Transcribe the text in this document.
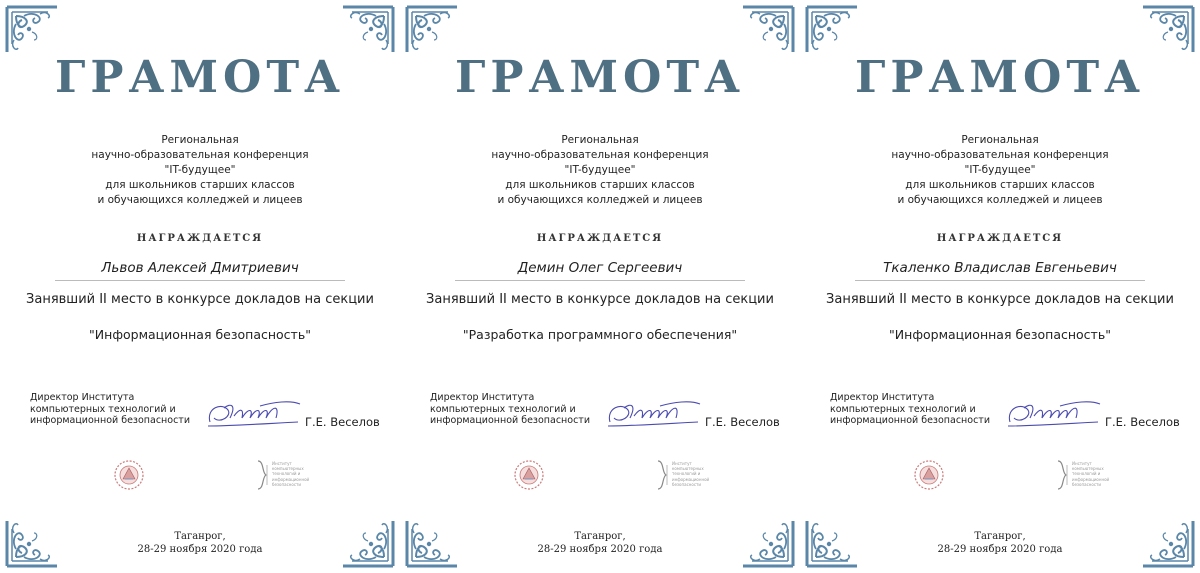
ГРАМОТА
Региональная
научно-образовательная конференция
"IT-будущее"
для школьников старших классов
и обучающихся колледжей и лицеев
НАГРАЖДАЕТСЯ
Львов Алексей Дмитриевич
Занявший II место в конкурсе докладов на секции
"Информационная безопасность"
Директор Института
компьютерных технологий и
информационной безопасности	Г.Е. Веселов
Институт
компьютерных
технологий и
информационной
безопасности
Таганрог,
28-29 ноября 2020 года
ГРАМОТА
Региональная
научно-образовательная конференция
"IT-будущее"
для школьников старших классов
и обучающихся колледжей и лицеев
НАГРАЖДАЕТСЯ
Демин Олег Сергеевич
Занявший II место в конкурсе докладов на секции
"Разработка программного обеспечения"
Директор Института
компьютерных технологий и
информационной безопасности	Г.Е. Веселов
Институт
компьютерных
технологий и
информационной
безопасности
Таганрог,
28-29 ноября 2020 года
ГРАМОТА
Региональная
научно-образовательная конференция
"IT-будущее"
для школьников старших классов
и обучающихся колледжей и лицеев
НАГРАЖДАЕТСЯ
Ткаленко Владислав Евгеньевич
Занявший II место в конкурсе докладов на секции
"Информационная безопасность"
Директор Института
компьютерных технологий и
информационной безопасности	Г.Е. Веселов
Институт
компьютерных
технологий и
информационной
безопасности
Таганрог,
28-29 ноября 2020 года
